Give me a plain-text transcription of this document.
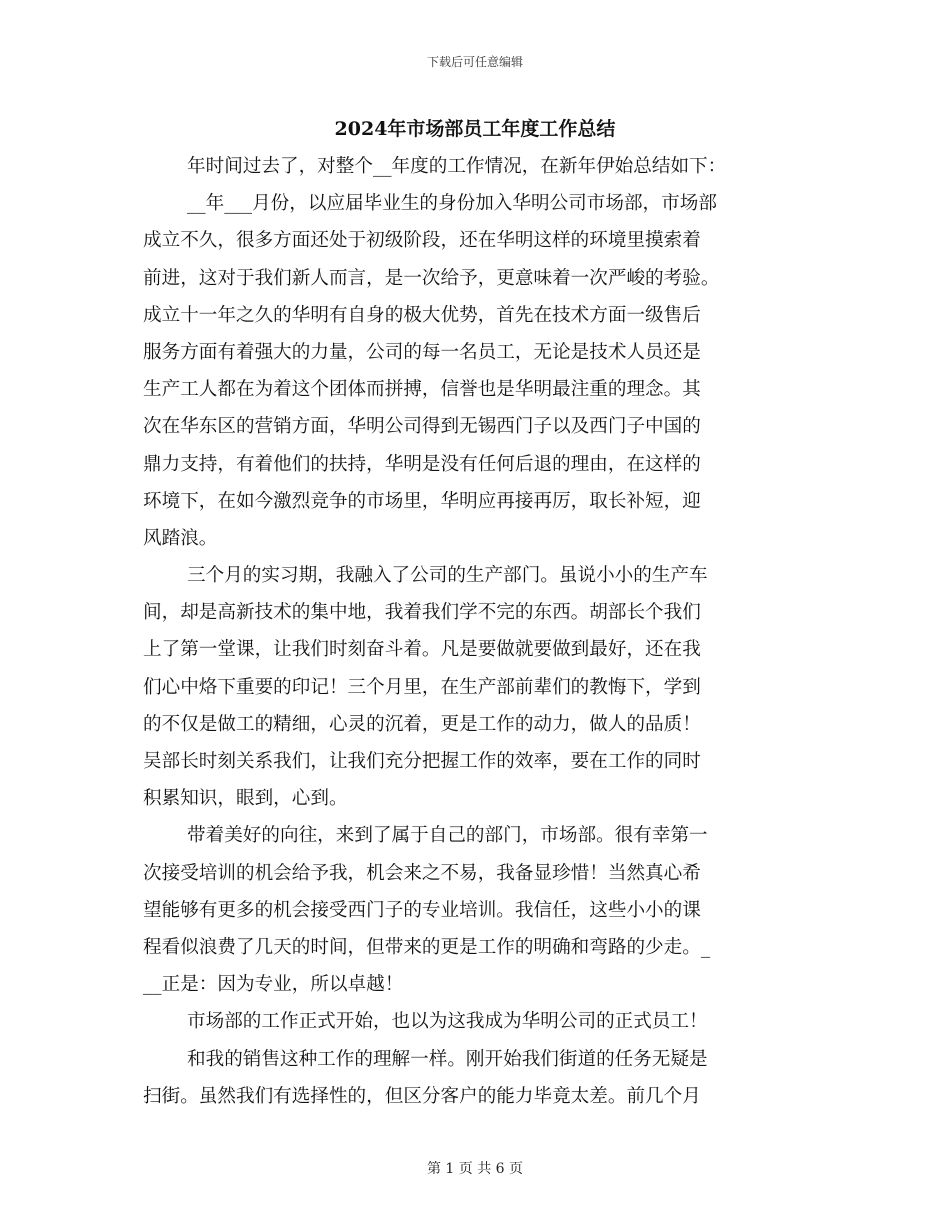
下载后可任意编辑
2024年市场部员工年度工作总结
年时间过去了，对整个__年度的工作情况，在新年伊始总结如下：
__年___月份，以应届毕业生的身份加入华明公司市场部，市场部
成立不久，很多方面还处于初级阶段，还在华明这样的环境里摸索着
前进，这对于我们新人而言，是一次给予，更意味着一次严峻的考验。
成立十一年之久的华明有自身的极大优势，首先在技术方面一级售后
服务方面有着强大的力量，公司的每一名员工，无论是技术人员还是
生产工人都在为着这个团体而拼搏，信誉也是华明最注重的理念。其
次在华东区的营销方面，华明公司得到无锡西门子以及西门子中国的
鼎力支持，有着他们的扶持，华明是没有任何后退的理由，在这样的
环境下，在如今激烈竞争的市场里，华明应再接再厉，取长补短，迎
风踏浪。
三个月的实习期，我融入了公司的生产部门。虽说小小的生产车
间，却是高新技术的集中地，我着我们学不完的东西。胡部长个我们
上了第一堂课，让我们时刻奋斗着。凡是要做就要做到最好，还在我
们心中烙下重要的印记！三个月里，在生产部前辈们的教悔下，学到
的不仅是做工的精细，心灵的沉着，更是工作的动力，做人的品质！
吴部长时刻关系我们，让我们充分把握工作的效率，要在工作的同时
积累知识，眼到，心到。
带着美好的向往，来到了属于自己的部门，市场部。很有幸第一
次接受培训的机会给予我，机会来之不易，我备显珍惜！当然真心希
望能够有更多的机会接受西门子的专业培训。我信任，这些小小的课
程看似浪费了几天的时间，但带来的更是工作的明确和弯路的少走。_
__正是：因为专业，所以卓越！
市场部的工作正式开始，也以为这我成为华明公司的正式员工！
和我的销售这种工作的理解一样。刚开始我们街道的任务无疑是
扫街。虽然我们有选择性的，但区分客户的能力毕竟太差。前几个月
第 1 页 共 6 页
